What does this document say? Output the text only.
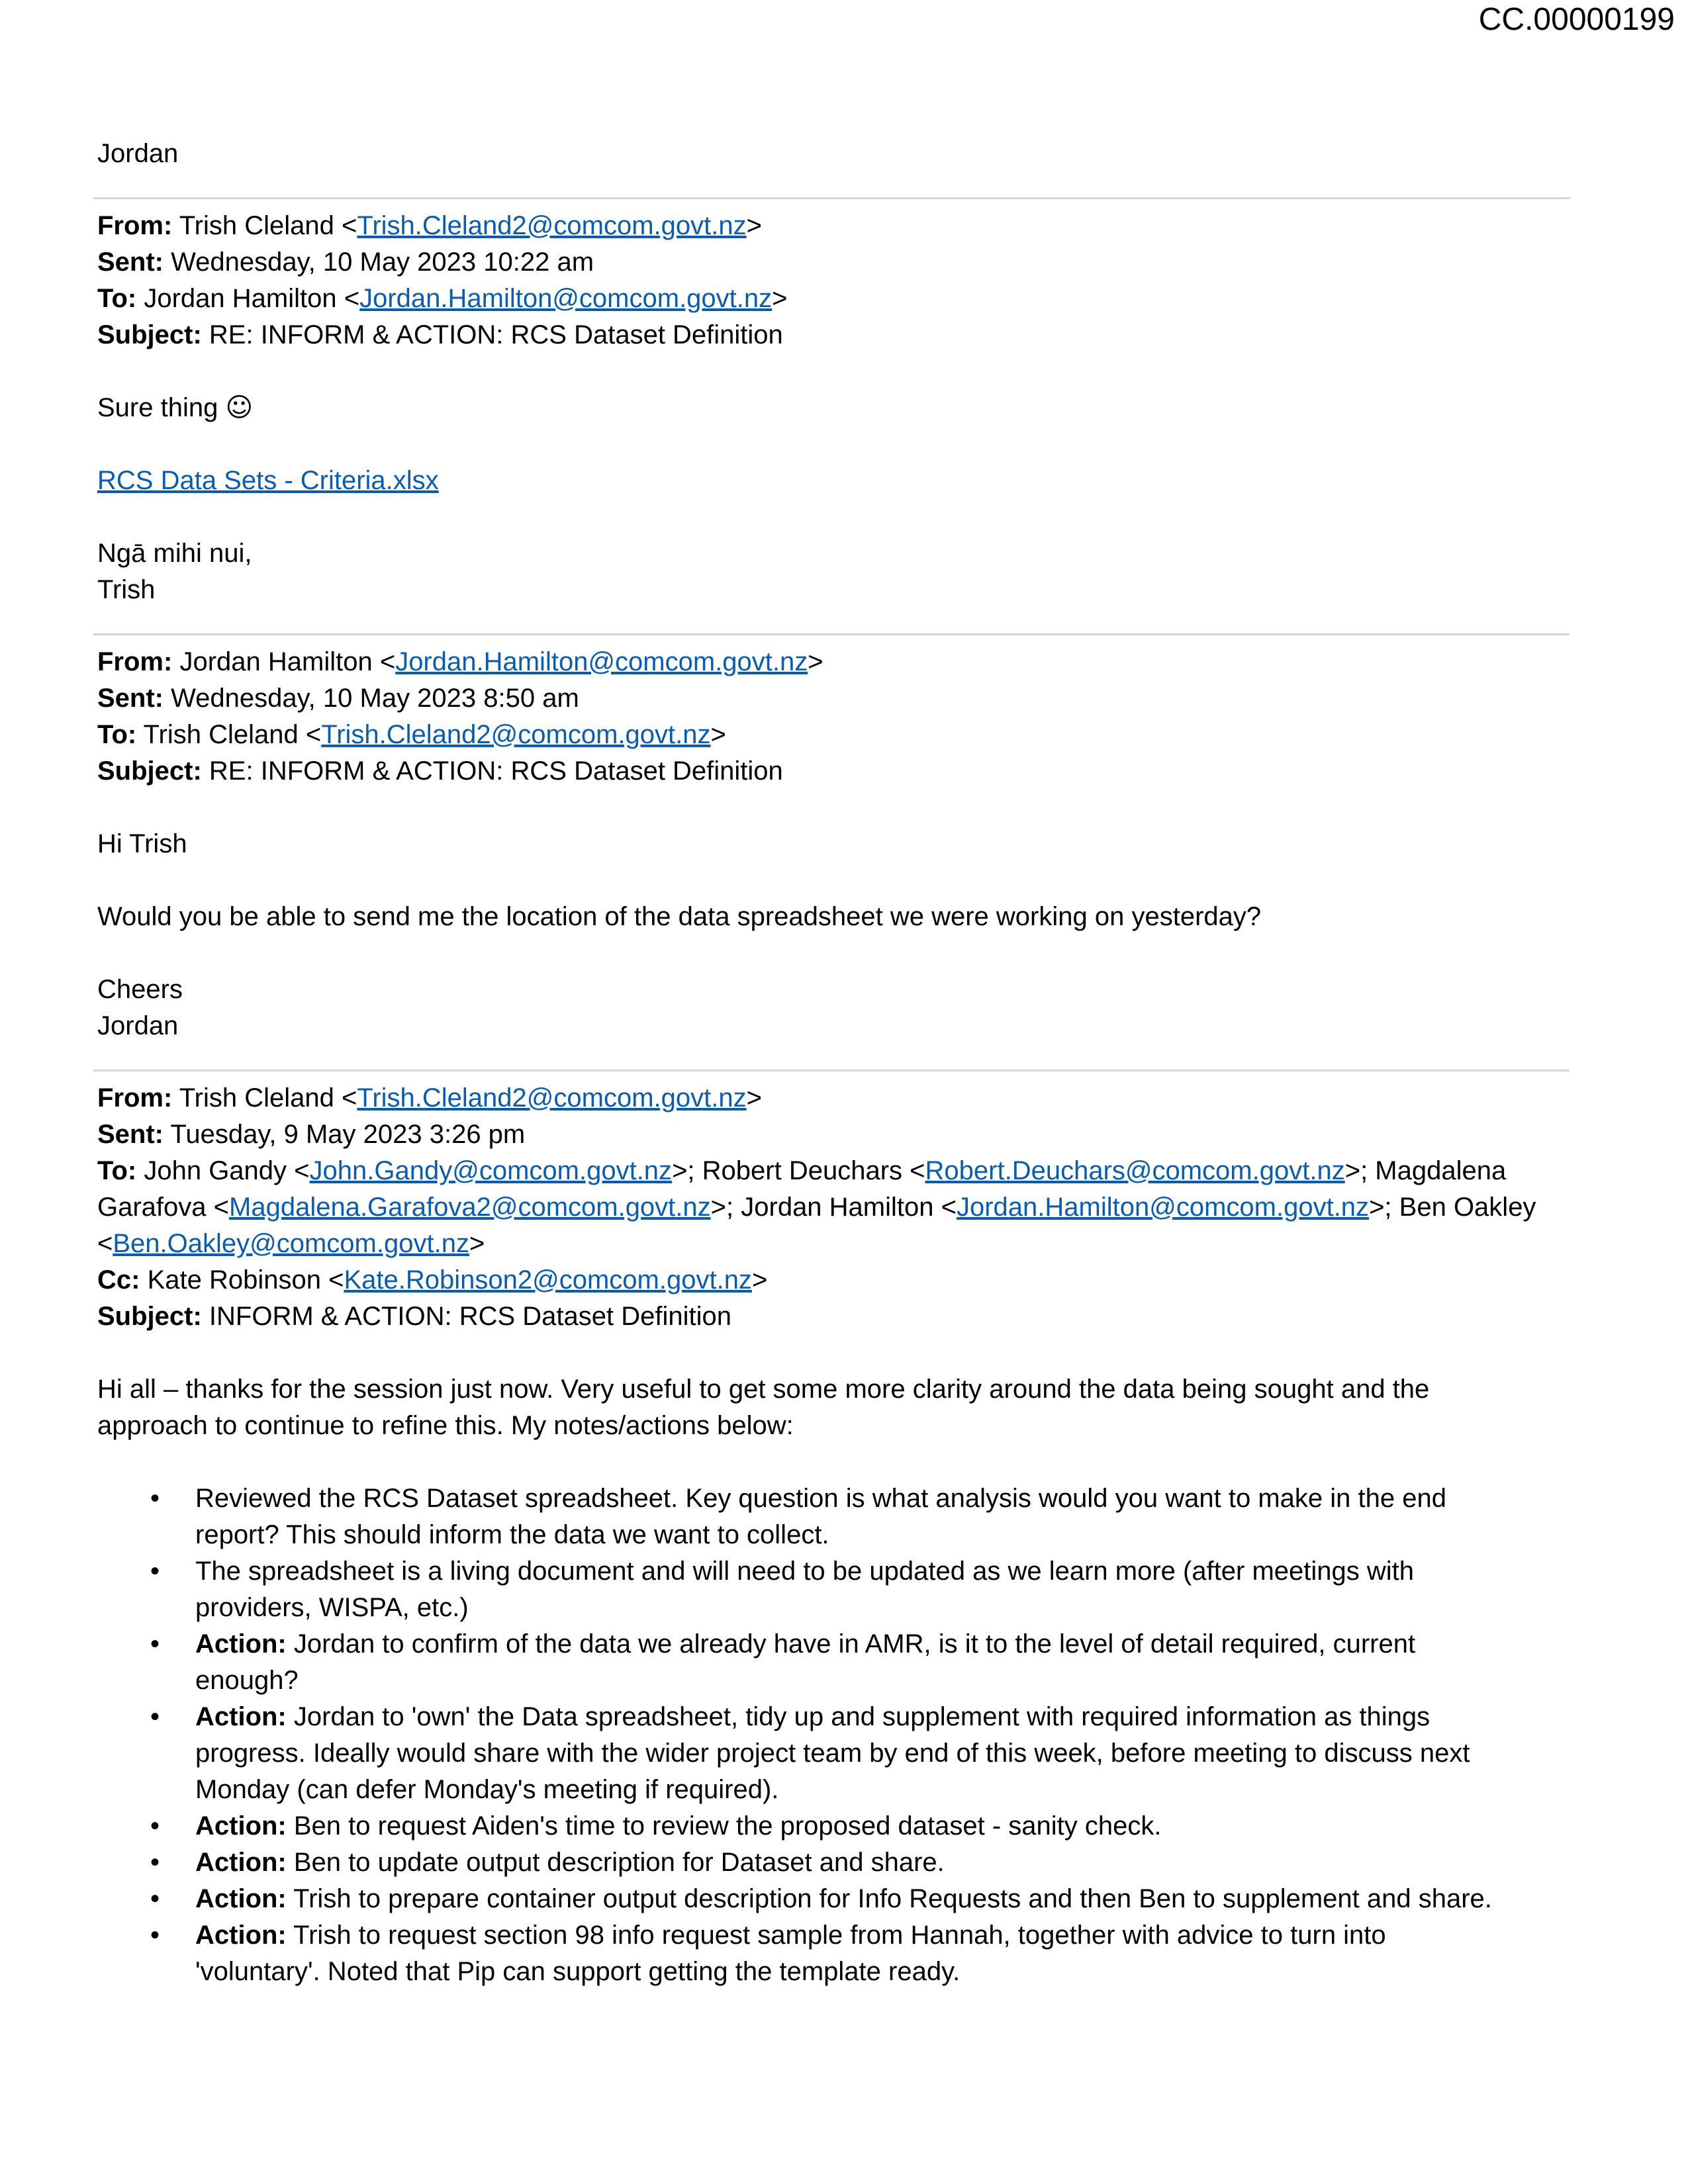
CC.00000199

Jordan

From: Trish Cleland <Trish.Cleland2@comcom.govt.nz>

Sent: Wednesday, 10 May 2023 10:22 am

To: Jordan Hamilton <Jordan.Hamilton@comcom.govt.nz>

Subject: RE: INFORM & ACTION: RCS Dataset Definition

Sure thing ☺

RCS Data Sets - Criteria.xlsx

Ngā mihi nui,

Trish

From: Jordan Hamilton <Jordan.Hamilton@comcom.govt.nz>

Sent: Wednesday, 10 May 2023 8:50 am

To: Trish Cleland <Trish.Cleland2@comcom.govt.nz>

Subject: RE: INFORM & ACTION: RCS Dataset Definition

Hi Trish

Would you be able to send me the location of the data spreadsheet we were working on yesterday?

Cheers

Jordan

From: Trish Cleland <Trish.Cleland2@comcom.govt.nz>

Sent: Tuesday, 9 May 2023 3:26 pm

To: John Gandy <John.Gandy@comcom.govt.nz>; Robert Deuchars <Robert.Deuchars@comcom.govt.nz>; Magdalena Garafova <Magdalena.Garafova2@comcom.govt.nz>; Jordan Hamilton <Jordan.Hamilton@comcom.govt.nz>; Ben Oakley <Ben.Oakley@comcom.govt.nz>

Cc: Kate Robinson <Kate.Robinson2@comcom.govt.nz>

Subject: INFORM & ACTION: RCS Dataset Definition

Hi all – thanks for the session just now. Very useful to get some more clarity around the data being sought and the

approach to continue to refine this. My notes/actions below:

• Reviewed the RCS Dataset spreadsheet. Key question is what analysis would you want to make in the end
report? This should inform the data we want to collect.
• The spreadsheet is a living document and will need to be updated as we learn more (after meetings with
providers, WISPA, etc.)
• Action: Jordan to confirm of the data we already have in AMR, is it to the level of detail required, current
enough?
• Action: Jordan to 'own' the Data spreadsheet, tidy up and supplement with required information as things
progress. Ideally would share with the wider project team by end of this week, before meeting to discuss next
Monday (can defer Monday's meeting if required).
• Action: Ben to request Aiden's time to review the proposed dataset - sanity check.
• Action: Ben to update output description for Dataset and share.
• Action: Trish to prepare container output description for Info Requests and then Ben to supplement and share.
• Action: Trish to request section 98 info request sample from Hannah, together with advice to turn into
'voluntary'. Noted that Pip can support getting the template ready.
